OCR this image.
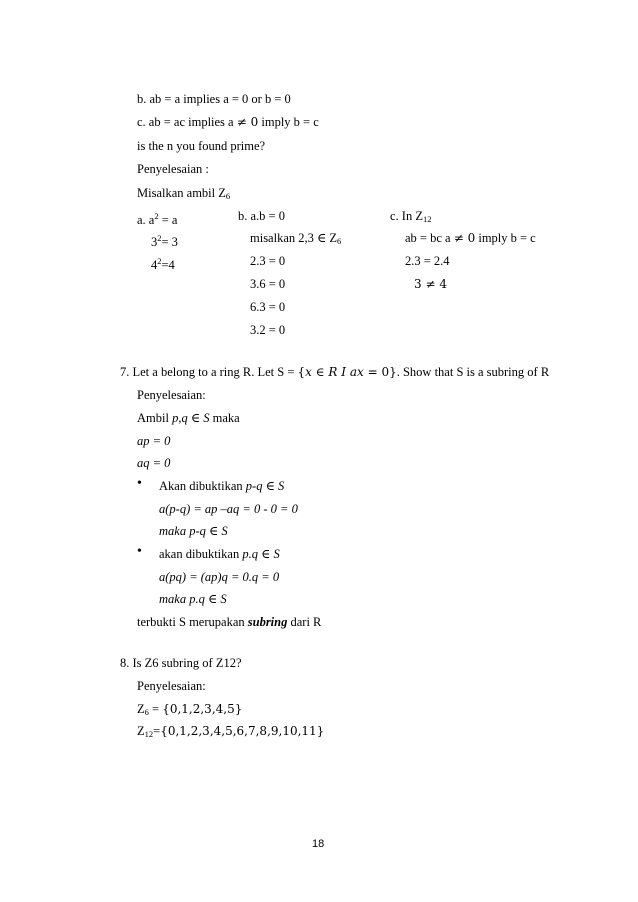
b. ab = a implies a = 0 or b = 0
c. ab = ac implies a ≠ 0 imply b = c
is the n you found prime?
Penyelesaian :
Misalkan ambil $Z_6$
a. $a^2 = a$
$3^2= 3$
$4^2=4$
b. a.b = 0
misalkan 2,3 ∈ $Z_6$
2.3 = 0
3.6 = 0
6.3 = 0
3.2 = 0
c. In $Z_{12}$
ab = bc a ≠ 0 imply b = c
2.3 = 2.4
3 ≠ 4
7. Let a belong to a ring R. Let S = {𝑥 ∈ 𝑅 𝐼 𝑎𝑥 = 0}. Show that S is a subring of R
Penyelesaian:
Ambil p,q ∈ S maka
ap = 0
aq = 0
• Akan dibuktikan p-q ∈ S
a(p-q) = ap –aq = 0 - 0 = 0
maka p-q ∈ S
• akan dibuktikan p.q ∈ S
a(pq) = (ap)q = 0.q = 0
maka p.q ∈ S
terbukti S merupakan subring dari R
8. Is Z6 subring of Z12?
Penyelesaian:
$Z_6 = \{0,1,2,3,4,5\}$
$Z_{12}=\{0,1,2,3,4,5,6,7,8,9,10,11\}$
18
